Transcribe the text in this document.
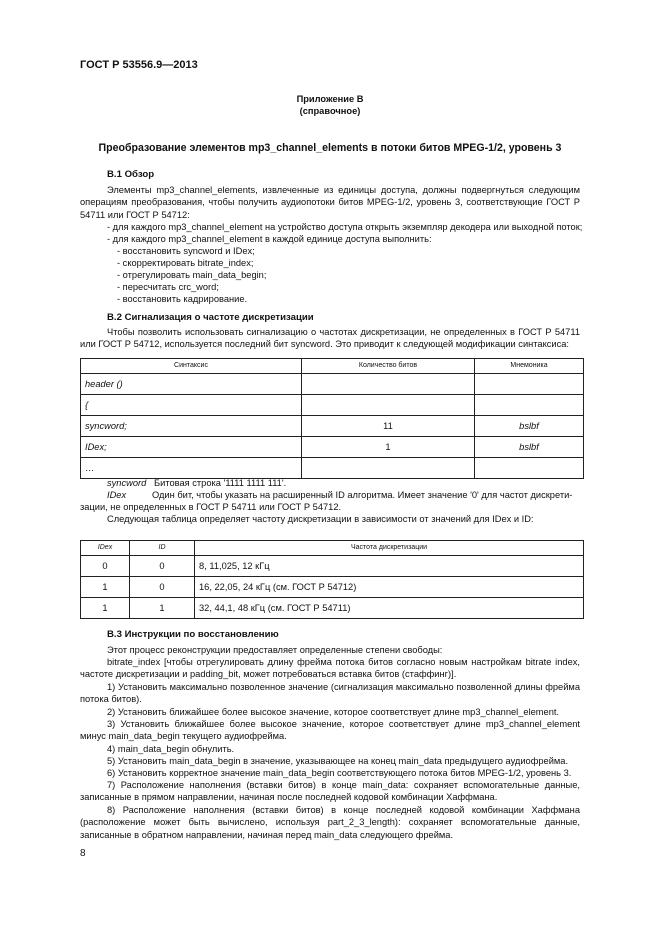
ГОСТ Р 53556.9—2013
Приложение В
(справочное)
Преобразование элементов mp3_channel_elements в потоки битов MPEG-1/2, уровень 3
В.1 Обзор
Элементы mp3_channel_elements, извлеченные из единицы доступа, должны подвергнуться следующим операциям преобразования, чтобы получить аудиопотоки битов MPEG-1/2, уровень 3, соответствующие ГОСТ Р 54711 или ГОСТ Р 54712:
- для каждого mp3_channel_element на устройство доступа открыть экземпляр декодера или выходной поток;
- для каждого mp3_channel_element в каждой единице доступа выполнить:
- восстановить syncword и IDex;
- скорректировать bitrate_index;
- отрегулировать main_data_begin;
- пересчитать crc_word;
- восстановить кадрирование.
В.2 Сигнализация о частоте дискретизации
Чтобы позволить использовать сигнализацию о частотах дискретизации, не определенных в ГОСТ Р 54711 или ГОСТ Р 54712, используется последний бит syncword. Это приводит к следующей модификации синтаксиса:
Синтаксис	Количество битов	Мнемоника
header ()		
{		
syncword;	11	bslbf
IDex;	1	bslbf
…		
syncword Битовая строка '1111 1111 111'.
IDex	Один бит, чтобы указать на расширенный ID алгоритма. Имеет значение '0' для частот дискрети-
зации, не определенных в ГОСТ Р 54711 или ГОСТ Р 54712.
Следующая таблица определяет частоту дискретизации в зависимости от значений для IDex и ID:
IDex	ID	Частота дискретизации
0	0	8, 11,025, 12 кГц
1	0	16, 22,05, 24 кГц (см. ГОСТ Р 54712)
1	1	32, 44,1, 48 кГц (см. ГОСТ Р 54711)
В.3 Инструкции по восстановлению
Этот процесс реконструкции предоставляет определенные степени свободы:
bitrate_index [чтобы отрегулировать длину фрейма потока битов согласно новым настройкам bitrate index, частоте дискретизации и padding_bit, может потребоваться вставка битов (стаффинг)].
1) Установить максимально позволенное значение (сигнализация максимально позволенной длины фрейма потока битов).
2) Установить ближайшее более высокое значение, которое соответствует длине mp3_channel_element.
3) Установить ближайшее более высокое значение, которое соответствует длине mp3_channel_element минус main_data_begin текущего аудиофрейма.
4) main_data_begin обнулить.
5) Установить main_data_begin в значение, указывающее на конец main_data предыдущего аудиофрейма.
6) Установить корректное значение main_data_begin соответствующего потока битов MPEG-1/2, уровень 3.
7) Расположение наполнения (вставки битов) в конце main_data: сохраняет вспомогательные данные, записанные в прямом направлении, начиная после последней кодовой комбинации Хаффмана.
8) Расположение наполнения (вставки битов) в конце последней кодовой комбинации Хаффмана (расположение может быть вычислено, используя part_2_3_length): сохраняет вспомогательные данные, записанные в обратном направлении, начиная перед main_data следующего фрейма.
8
